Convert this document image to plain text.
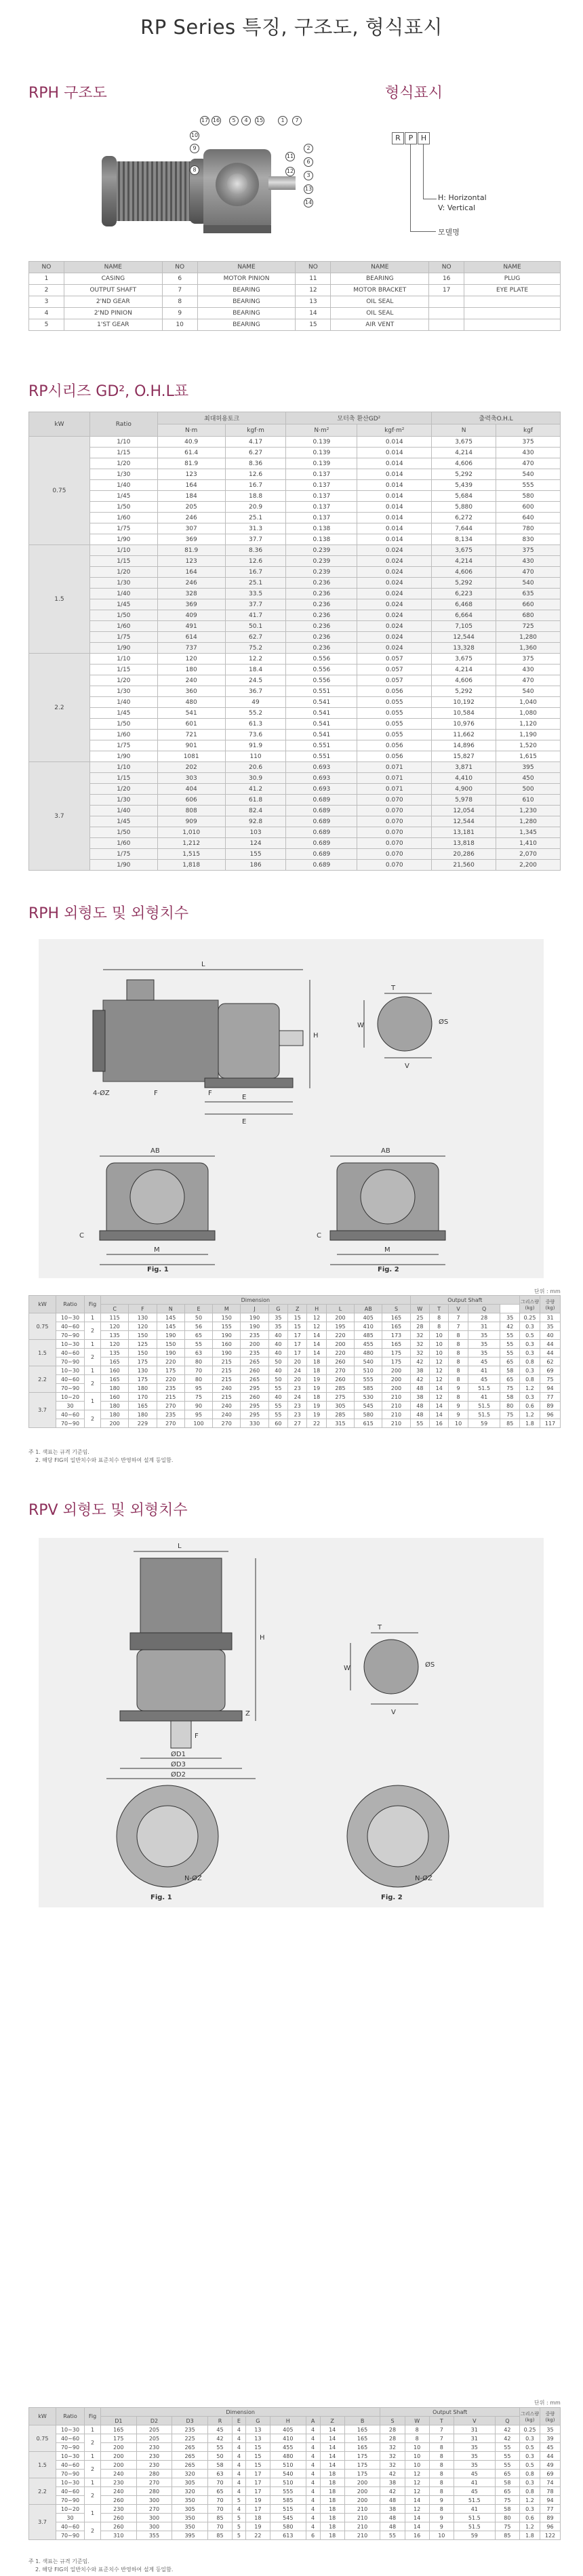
RP Series 특징, 구조도, 형식표시
RPH 구조도	형식표시
17 16	5	4	15	1	7
10
9
8
11
12
2
6
3
13
14
R	P	H
H: Horizontal
V: Vertical
모델명
NO	NAME	NO	NAME	NO	NAME	NO	NAME
1	CASING	6	MOTOR PINION	11	BEARING	16	PLUG
2	OUTPUT SHAFT	7	BEARING	12	MOTOR BRACKET	17	EYE PLATE
3	2'ND GEAR	8	BEARING	13	OIL SEAL		
4	2'ND PINION	9	BEARING	14	OIL SEAL		
5	1'ST GEAR	10	BEARING	15	AIR VENT		
RP시리즈 GD², O.H.L표
kW	Ratio	최대허용토크		모터축 환산GD²		출력축O.H.L	
		N·m	kgf·m	N·m²	kgf·m²	N	kgf
0.75	1/10	40.9	4.17	0.139	0.014	3,675	375
	1/15	61.4	6.27	0.139	0.014	4,214	430
	1/20	81.9	8.36	0.139	0.014	4,606	470
	1/30	123	12.6	0.137	0.014	5,292	540
	1/40	164	16.7	0.137	0.014	5,439	555
	1/45	184	18.8	0.137	0.014	5,684	580
	1/50	205	20.9	0.137	0.014	5,880	600
	1/60	246	25.1	0.137	0.014	6,272	640
	1/75	307	31.3	0.138	0.014	7,644	780
	1/90	369	37.7	0.138	0.014	8,134	830
1.5	1/10	81.9	8.36	0.239	0.024	3,675	375
	1/15	123	12.6	0.239	0.024	4,214	430
	1/20	164	16.7	0.239	0.024	4,606	470
	1/30	246	25.1	0.236	0.024	5,292	540
	1/40	328	33.5	0.236	0.024	6,223	635
	1/45	369	37.7	0.236	0.024	6,468	660
	1/50	409	41.7	0.236	0.024	6,664	680
	1/60	491	50.1	0.236	0.024	7,105	725
	1/75	614	62.7	0.236	0.024	12,544	1,280
	1/90	737	75.2	0.236	0.024	13,328	1,360
2.2	1/10	120	12.2	0.556	0.057	3,675	375
	1/15	180	18.4	0.556	0.057	4,214	430
	1/20	240	24.5	0.556	0.057	4,606	470
	1/30	360	36.7	0.551	0.056	5,292	540
	1/40	480	49	0.541	0.055	10,192	1,040
	1/45	541	55.2	0.541	0.055	10,584	1,080
	1/50	601	61.3	0.541	0.055	10,976	1,120
	1/60	721	73.6	0.541	0.055	11,662	1,190
	1/75	901	91.9	0.551	0.056	14,896	1,520
	1/90	1081	110	0.551	0.056	15,827	1,615
3.7	1/10	202	20.6	0.693	0.071	3,871	395
	1/15	303	30.9	0.693	0.071	4,410	450
	1/20	404	41.2	0.693	0.071	4,900	500
	1/30	606	61.8	0.689	0.070	5,978	610
	1/40	808	82.4	0.689	0.070	12,054	1,230
	1/45	909	92.8	0.689	0.070	12,544	1,280
	1/50	1,010	103	0.689	0.070	13,181	1,345
	1/60	1,212	124	0.689	0.070	13,818	1,410
	1/75	1,515	155	0.689	0.070	20,286	2,070
	1/90	1,818	186	0.689	0.070	21,560	2,200
RPH 외형도 및 외형치수
L
H
T
W	ØS
V
E
E
4-ØZ	F	F
AB	AB
M	M
C	C
Fig. 1	Fig. 2
단위 : mm
kW	Ratio	Fig	Dimension												Output Shaft					그리스량 (kg)	중량 (kg)
			C	F	N	E	M	J	G	Z	H	L	AB	S	W	T	V	Q			
0.75	10~30	1	115	130	145	50	150	190	35	15	12	200	405	165	25	8	7	28	35	0.25	31
	40~60	2	120	120	145	56	155	190	35	15	12	195	410	165	28	8	7	31	42	0.3	35
	70~90		135	150	190	65	190	235	40	17	14	220	485	173	32	10	8	35	55	0.5	40
1.5	10~30	1	120	125	150	55	160	200	40	17	14	200	455	165	32	10	8	35	55	0.3	44
	40~60	2	135	150	190	63	190	235	40	17	14	220	480	175	32	10	8	35	55	0.3	44
	70~90		165	175	220	80	215	265	50	20	18	260	540	175	42	12	8	45	65	0.8	62
2.2	10~30	1	160	130	175	70	215	260	40	24	18	270	510	200	38	12	8	41	58	0.3	69
	40~60	2	165	175	220	80	215	265	50	20	19	260	555	200	42	12	8	45	65	0.8	75
	70~90		180	180	235	95	240	295	55	23	19	285	585	200	48	14	9	51.5	75	1.2	94
3.7	10~20	1	160	170	215	75	215	260	40	24	18	275	530	210	38	12	8	41	58	0.3	77
	30		180	165	270	90	240	295	55	23	19	305	545	210	48	14	9	51.5	80	0.6	89
	40~60	2	180	180	235	95	240	295	55	23	19	285	580	210	48	14	9	51.5	75	1.2	96
	70~90		200	229	270	100	270	330	60	27	22	315	615	210	55	16	10	59	85	1.8	117
주 1. 색표는 규격 기준임.
2. 해당 FIG의 일반치수와 표준치수 반영하여 설계 등일함.
RPV 외형도 및 외형치수
L
T
W	ØS
V
H
F
Z
ØD1
ØD3
ØD2
N-ØZ	N-ØZ
Fig. 1	Fig. 2
단위 : mm
kW	Ratio	Fig	Dimension										Output Shaft					그리스량 (kg)	중량 (kg)
			D1	D2	D3	R	E	G	H	A	Z	B	S	W	T	V	Q		
0.75	10~30	1	165	205	235	45	4	13	405	4	14	165	28	8	7	31	42	0.25	35
	40~60	2	175	205	225	42	4	13	410	4	14	165	28	8	7	31	42	0.3	39
	70~90		200	230	265	55	4	15	455	4	14	165	32	10	8	35	55	0.5	45
1.5	10~30	1	200	230	265	50	4	15	480	4	14	175	32	10	8	35	55	0.3	44
	40~60	2	200	230	265	58	4	15	510	4	14	175	32	10	8	35	55	0.5	49
	70~90		240	280	320	63	4	17	540	4	18	175	42	12	8	45	65	0.8	69
2.2	10~30	1	230	270	305	70	4	17	510	4	18	200	38	12	8	41	58	0.3	74
	40~60	2	240	280	320	65	4	17	555	4	18	200	42	12	8	45	65	0.8	78
	70~90		260	300	350	70	5	19	585	4	18	200	48	14	9	51.5	75	1.2	94
3.7	10~20	1	230	270	305	70	4	17	515	4	18	210	38	12	8	41	58	0.3	77
	30		260	300	350	85	5	18	545	4	18	210	48	14	9	51.5	80	0.6	89
	40~60	2	260	300	350	70	5	19	580	4	18	210	48	14	9	51.5	75	1.2	96
	70~90		310	355	395	85	5	22	613	6	18	210	55	16	10	59	85	1.8	122
주 1. 색표는 규격 기준임.
2. 해당 FIG의 일반치수와 표준치수 반영하여 설계 등일함.
